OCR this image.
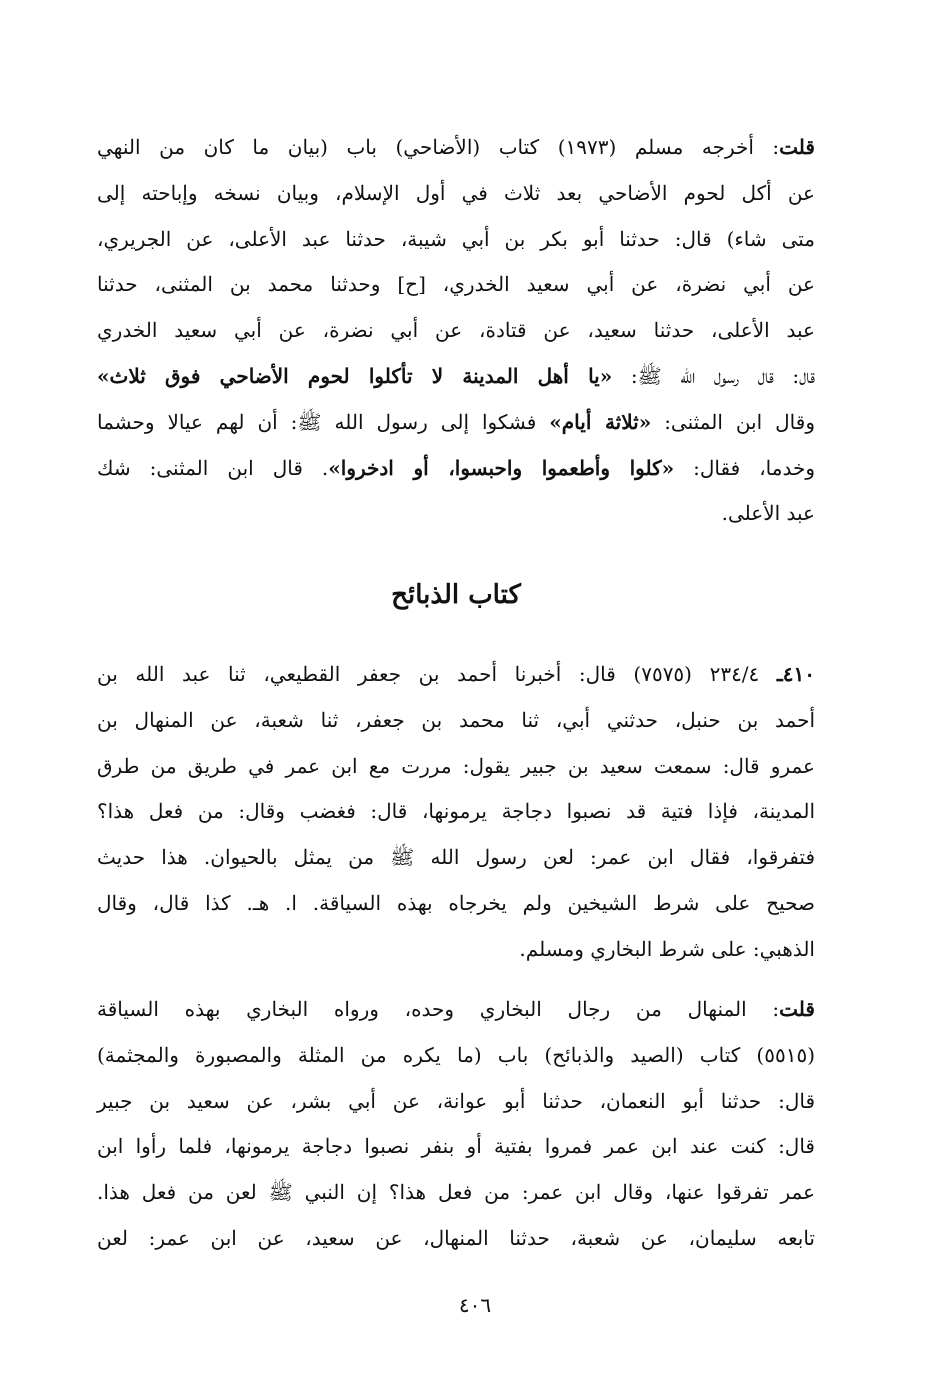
قلت: أخرجه مسلم (١٩٧٣) كتاب (الأضاحي) باب (بيان ما كان من النهي
عن أكل لحوم الأضاحي بعد ثلاث في أول الإسلام، وبيان نسخه وإباحته إلى
متى شاء) قال: حدثنا أبو بكر بن أبي شيبة، حدثنا عبد الأعلى، عن الجريري،
عن أبي نضرة، عن أبي سعيد الخدري، [ح] وحدثنا محمد بن المثنى، حدثنا
عبد الأعلى، حدثنا سعيد، عن قتادة، عن أبي نضرة، عن أبي سعيد الخدري
قال: قال رسول الله ﷺ: «يا أهل المدينة لا تأكلوا لحوم الأضاحي فوق ثلاث»
وقال ابن المثنى: «ثلاثة أيام» فشكوا إلى رسول الله ﷺ: أن لهم عيالا وحشما
وخدما، فقال: «كلوا وأطعموا واحبسوا، أو ادخروا». قال ابن المثنى: شك
عبد الأعلى.
كتاب الذبائح
٤١٠ـ ٢٣٤/٤ (٧٥٧٥) قال: أخبرنا أحمد بن جعفر القطيعي، ثنا عبد الله بن
أحمد بن حنبل، حدثني أبي، ثنا محمد بن جعفر، ثنا شعبة، عن المنهال بن
عمرو قال: سمعت سعيد بن جبير يقول: مررت مع ابن عمر في طريق من طرق
المدينة، فإذا فتية قد نصبوا دجاجة يرمونها، قال: فغضب وقال: من فعل هذا؟
فتفرقوا، فقال ابن عمر: لعن رسول الله ﷺ من يمثل بالحيوان. هذا حديث
صحيح على شرط الشيخين ولم يخرجاه بهذه السياقة. ا. هـ. كذا قال، وقال
الذهبي: على شرط البخاري ومسلم.
قلت: المنهال من رجال البخاري وحده، ورواه البخاري بهذه السياقة
(٥٥١٥) كتاب (الصيد والذبائح) باب (ما يكره من المثلة والمصبورة والمجثمة)
قال: حدثنا أبو النعمان، حدثنا أبو عوانة، عن أبي بشر، عن سعيد بن جبير
قال: كنت عند ابن عمر فمروا بفتية أو بنفر نصبوا دجاجة يرمونها، فلما رأوا ابن
عمر تفرقوا عنها، وقال ابن عمر: من فعل هذا؟ إن النبي ﷺ لعن من فعل هذا.
تابعه سليمان، عن شعبة، حدثنا المنهال، عن سعيد، عن ابن عمر: لعن
٤٠٦
